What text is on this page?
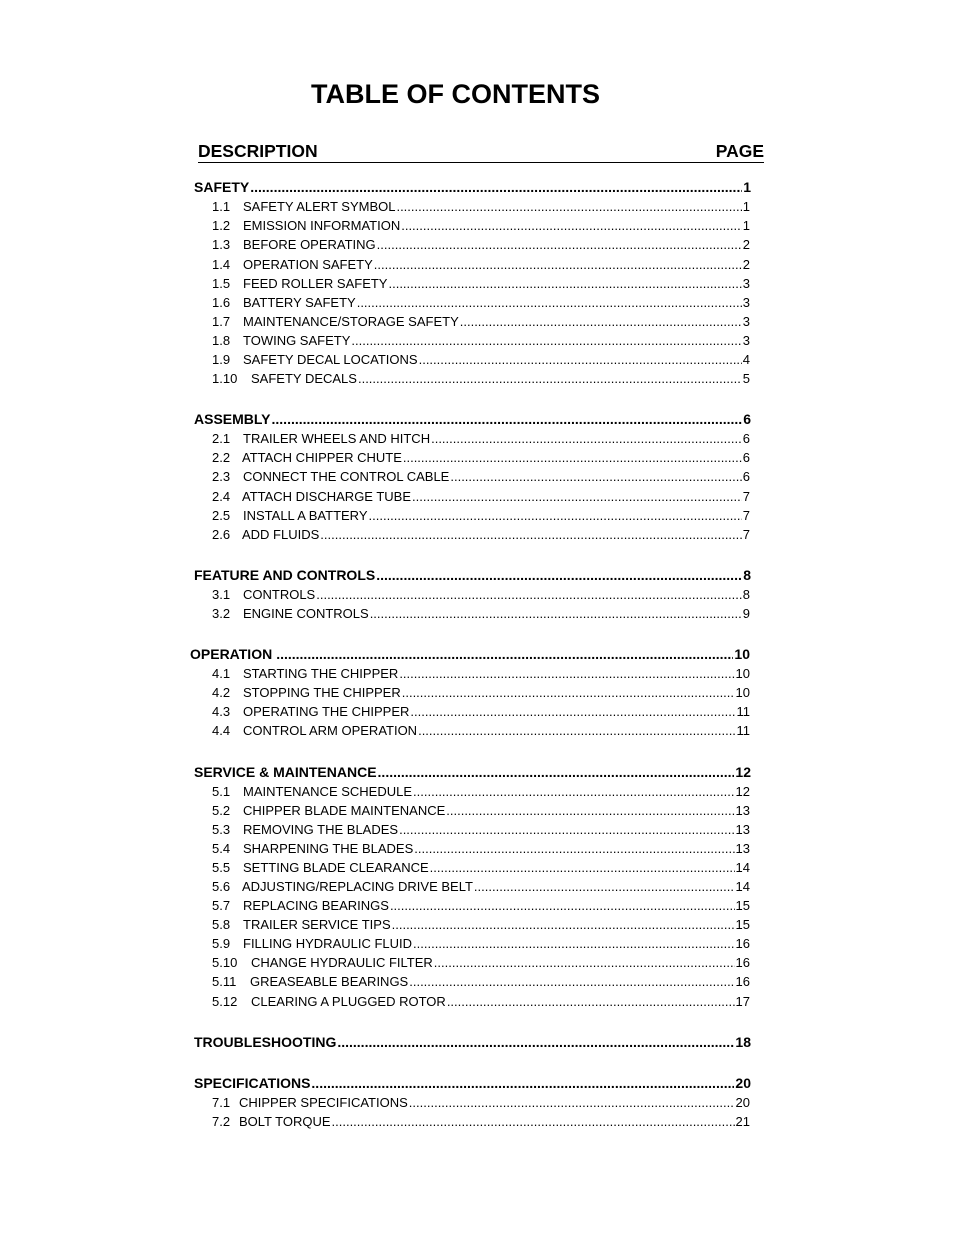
TABLE OF CONTENTS
DESCRIPTION	PAGE
SAFETY .....	1
1.1 SAFETY ALERT SYMBOL .....	1
1.2 EMISSION INFORMATION .....	1
1.3 BEFORE OPERATING .....	2
1.4 OPERATION SAFETY .....	2
1.5 FEED ROLLER SAFETY .....	3
1.6 BATTERY SAFETY .....	3
1.7 MAINTENANCE/STORAGE SAFETY .....	3
1.8 TOWING SAFETY .....	3
1.9 SAFETY DECAL LOCATIONS .....	4
1.10	SAFETY DECALS .....	5
ASSEMBLY .....	6
2.1 TRAILER WHEELS AND HITCH .....	6
2.2 ATTACH CHIPPER CHUTE .....	6
2.3 CONNECT THE CONTROL CABLE .....	6
2.4 ATTACH DISCHARGE TUBE .....	7
2.5 INSTALL A BATTERY .....	7
2.6 ADD FLUIDS .....	7
FEATURE AND CONTROLS .....	8
3.1 CONTROLS .....	8
3.2 ENGINE CONTROLS .....	9
OPERATION .....	10
4.1 STARTING THE CHIPPER .....	10
4.2 STOPPING THE CHIPPER .....	10
4.3 OPERATING THE CHIPPER .....	11
4.4 CONTROL ARM OPERATION .....	11
SERVICE & MAINTENANCE .....	12
5.1 MAINTENANCE SCHEDULE .....	12
5.2 CHIPPER BLADE MAINTENANCE .....	13
5.3 REMOVING THE BLADES .....	13
5.4 SHARPENING THE BLADES .....	13
5.5 SETTING BLADE CLEARANCE .....	14
5.6 ADJUSTING/REPLACING DRIVE BELT .....	14
5.7 REPLACING BEARINGS .....	15
5.8 TRAILER SERVICE TIPS .....	15
5.9 FILLING HYDRAULIC FLUID .....	16
5.10	CHANGE HYDRAULIC FILTER .....	16
5.11	GREASEABLE BEARINGS .....	16
5.12	CLEARING A PLUGGED ROTOR .....	17
TROUBLESHOOTING .....	18
SPECIFICATIONS .....	20
7.1 CHIPPER SPECIFICATIONS .....	20
7.2 BOLT TORQUE .....	21
